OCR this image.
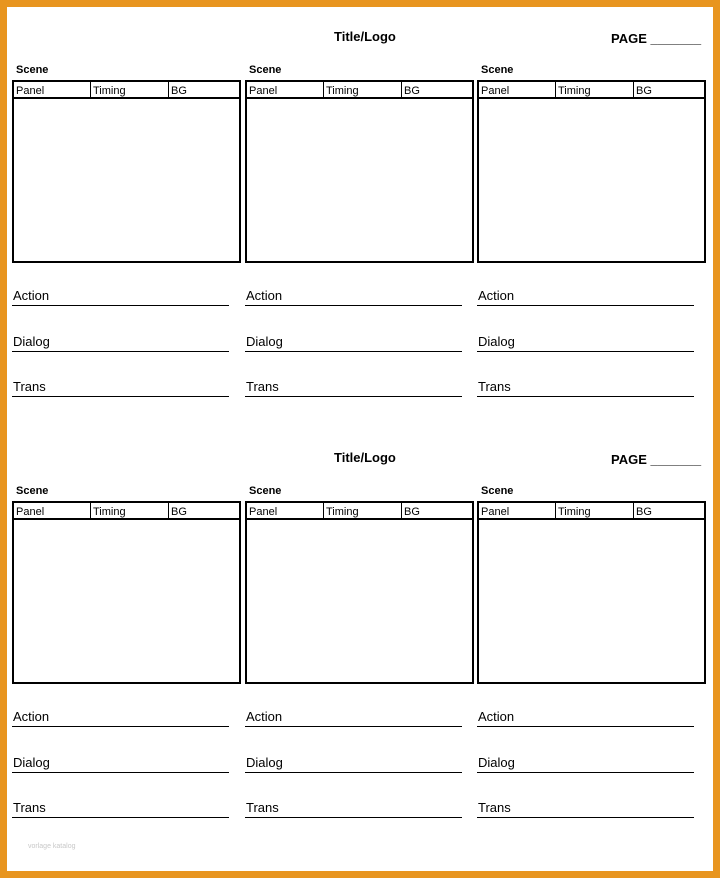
Title/Logo	PAGE _______
Scene
Panel	Timing	BG
Action
Dialog
Trans
Scene
Panel	Timing	BG
Action
Dialog
Trans
Scene
Panel	Timing	BG
Action
Dialog
Trans
Title/Logo	PAGE _______
Scene
Panel	Timing	BG
Action
Dialog
Trans
Scene
Panel	Timing	BG
Action
Dialog
Trans
Scene
Panel	Timing	BG
Action
Dialog
Trans
vorlage katalog
